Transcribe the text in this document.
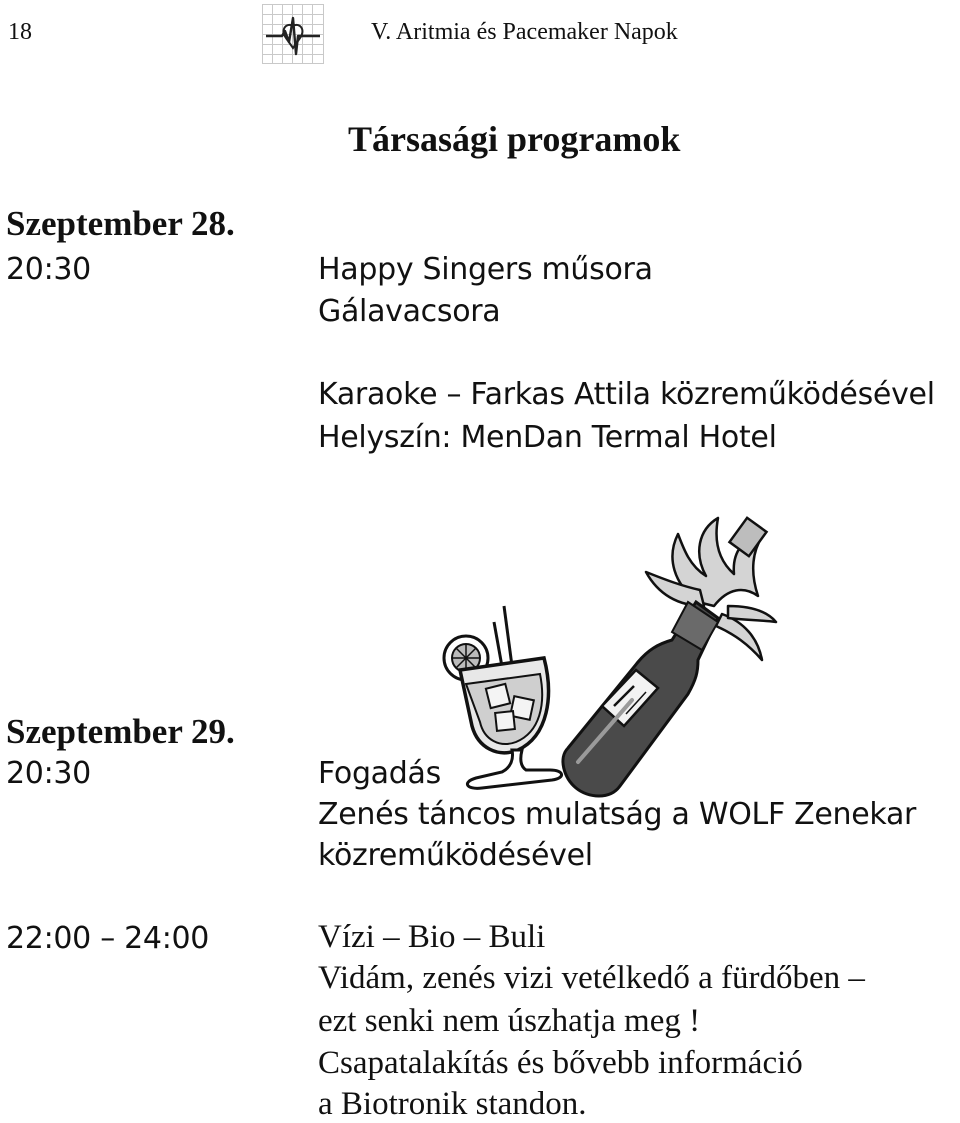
18	V. Aritmia és Pacemaker Napok
Társasági programok
Szeptember 28.
20:30	Happy Singers műsora
Gálavacsora
Karaoke – Farkas Attila közreműködésével
Helyszín: MenDan Termal Hotel
Szeptember 29.
20:30	Fogadás
Zenés táncos mulatság a WOLF Zenekar
közreműködésével
22:00 – 24:00	Vízi – Bio – Buli
Vidám, zenés vizi vetélkedő a fürdőben –
ezt senki nem úszhatja meg !
Csapatalakítás és bővebb információ
a Biotronik standon.
